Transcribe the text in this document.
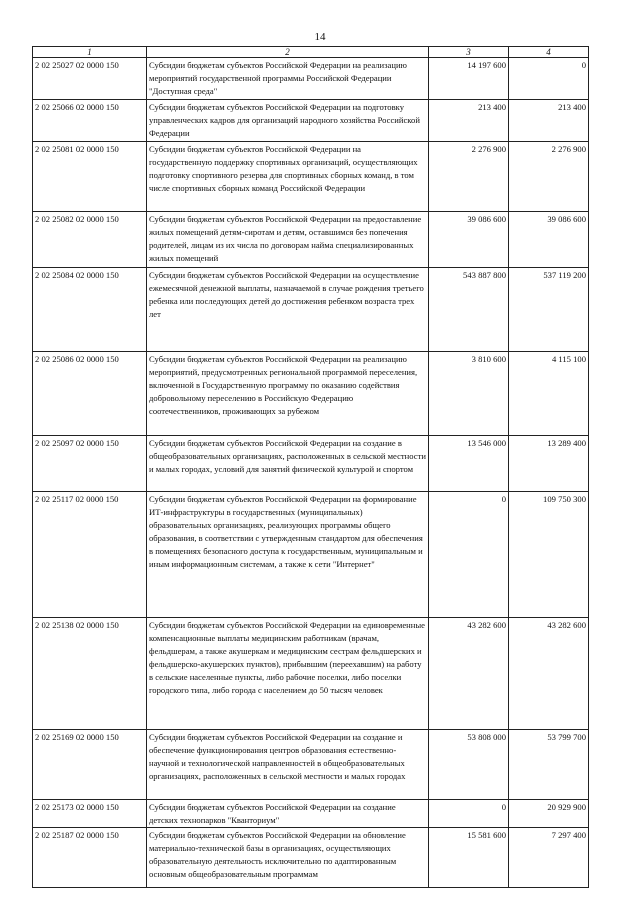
14
1	2	3	4
2 02 25027 02 0000 150	Субсидии бюджетам субъектов Российской Федерации на реализацию мероприятий государственной программы Российской Федерации "Доступная среда"	14 197 600	0
2 02 25066 02 0000 150	Субсидии бюджетам субъектов Российской Федерации на подготовку управленческих кадров для организаций народного хозяйства Российской Федерации	213 400	213 400
2 02 25081 02 0000 150	Субсидии бюджетам субъектов Российской Федерации на государственную поддержку спортивных организаций, осуществляющих подготовку спортивного резерва для спортивных сборных команд, в том числе спортивных сборных команд Российской Федерации	2 276 900	2 276 900
2 02 25082 02 0000 150	Субсидии бюджетам субъектов Российской Федерации на предоставление жилых помещений детям-сиротам и детям, оставшимся без попечения родителей, лицам из их числа по договорам найма специализированных жилых помещений	39 086 600	39 086 600
2 02 25084 02 0000 150	Субсидии бюджетам субъектов Российской Федерации на осуществление ежемесячной денежной выплаты, назначаемой в случае рождения третьего ребенка или последующих детей до достижения ребенком возраста трех лет	543 887 800	537 119 200
2 02 25086 02 0000 150	Субсидии бюджетам субъектов Российской Федерации на реализацию мероприятий, предусмотренных региональной программой переселения, включенной в Государственную программу по оказанию содействия добровольному переселению в Российскую Федерацию соотечественников, проживающих за рубежом	3 810 600	4 115 100
2 02 25097 02 0000 150	Субсидии бюджетам субъектов Российской Федерации на создание в общеобразовательных организациях, расположенных в сельской местности и малых городах, условий для занятий физической культурой и спортом	13 546 000	13 289 400
2 02 25117 02 0000 150	Субсидии бюджетам субъектов Российской Федерации на формирование ИТ-инфраструктуры в государственных (муниципальных) образовательных организациях, реализующих программы общего образования, в соответствии с утвержденным стандартом для обеспечения в помещениях безопасного доступа к государственным, муниципальным и иным информационным системам, а также к сети "Интернет"	0	109 750 300
2 02 25138 02 0000 150	Субсидии бюджетам субъектов Российской Федерации на единовременные компенсационные выплаты медицинским работникам (врачам, фельдшерам, а также акушеркам и медицинским сестрам фельдшерских и фельдшерско-акушерских пунктов), прибывшим (переехавшим) на работу в сельские населенные пункты, либо рабочие поселки, либо поселки городского типа, либо города с населением до 50 тысяч человек	43 282 600	43 282 600
2 02 25169 02 0000 150	Субсидии бюджетам субъектов Российской Федерации на создание и обеспечение функционирования центров образования естественно-научной и технологической направленностей в общеобразовательных организациях, расположенных в сельской местности и малых городах	53 808 000	53 799 700
2 02 25173 02 0000 150	Субсидии бюджетам субъектов Российской Федерации на создание детских технопарков "Кванториум"	0	20 929 900
2 02 25187 02 0000 150	Субсидии бюджетам субъектов Российской Федерации на обновление материально-технической базы в организациях, осуществляющих образовательную деятельность исключительно по адаптированным основным общеобразовательным программам	15 581 600	7 297 400
